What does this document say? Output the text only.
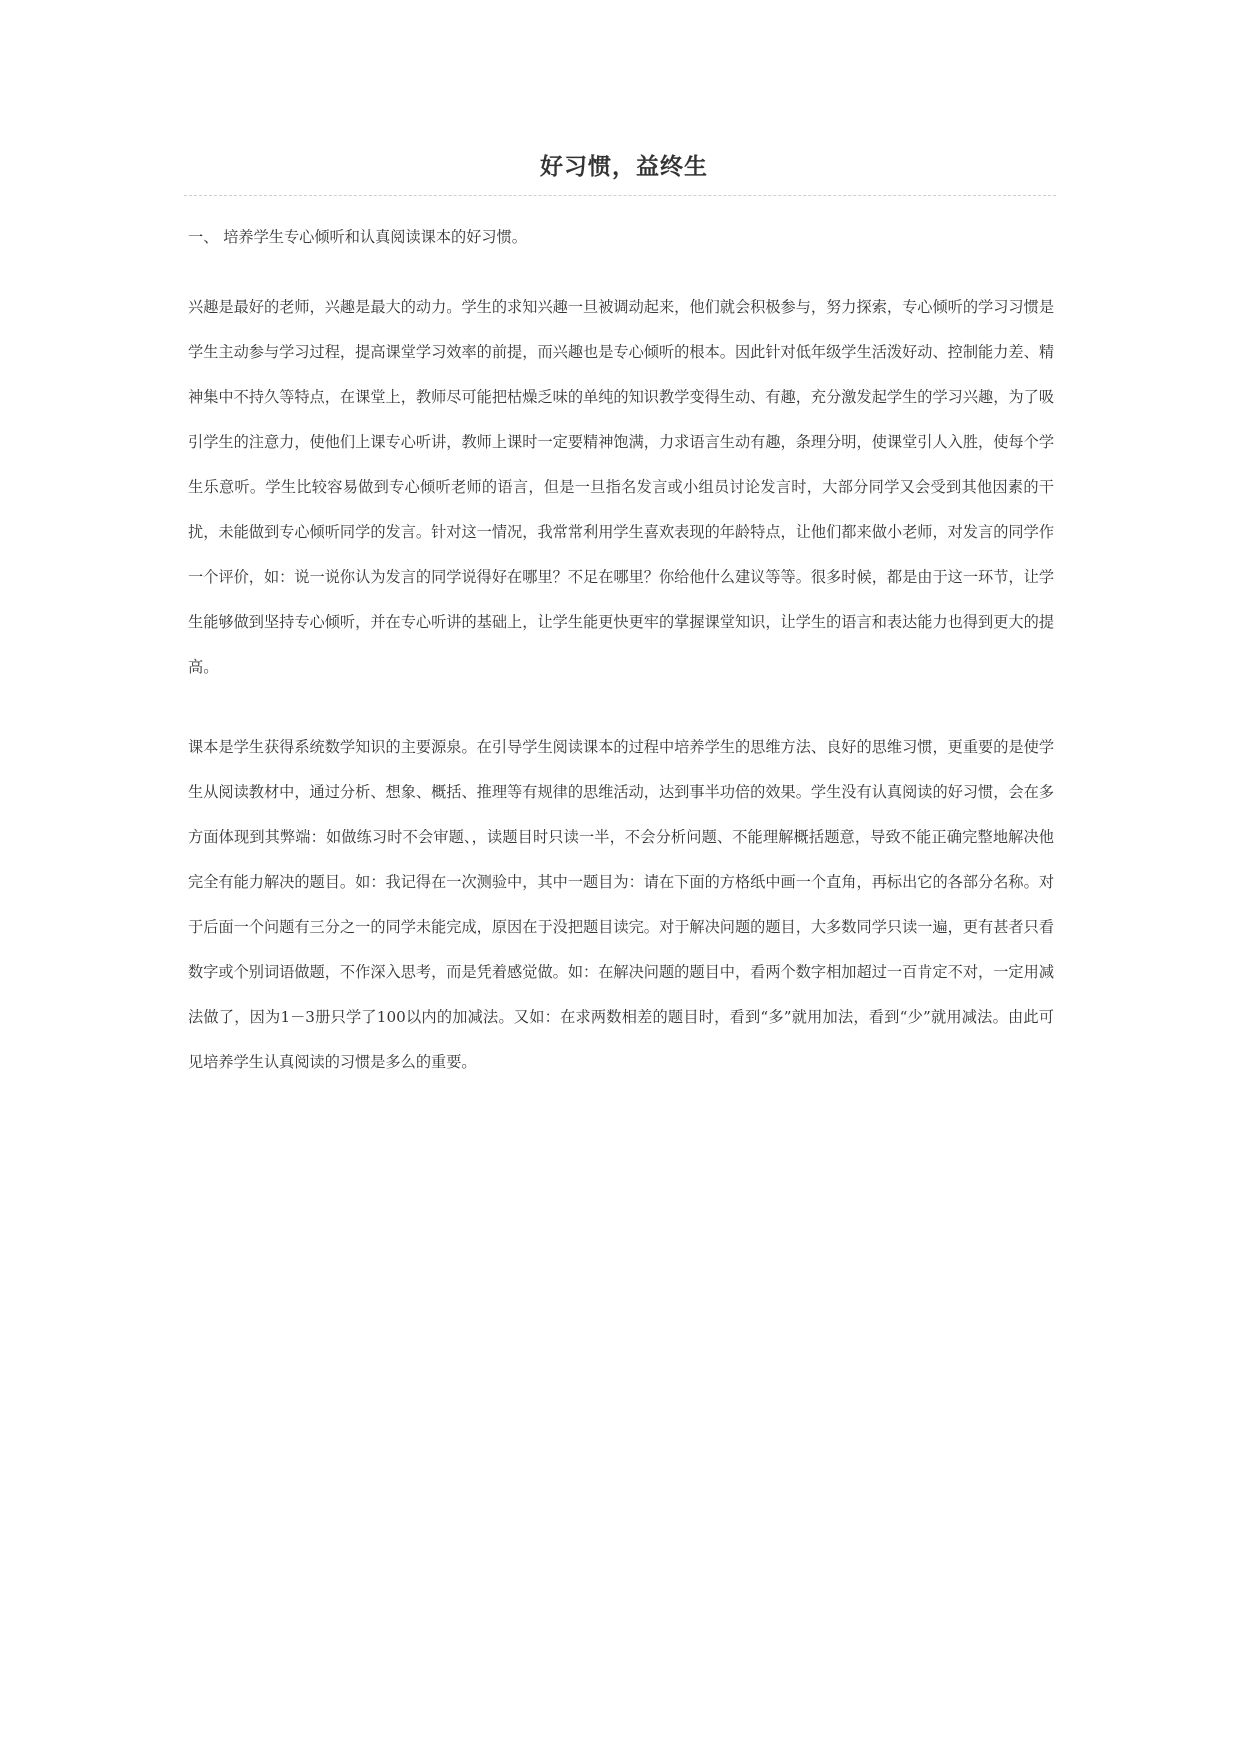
好习惯，益终生

一、 培养学生专心倾听和认真阅读课本的好习惯。

兴趣是最好的老师，兴趣是最大的动力。学生的求知兴趣一旦被调动起来，他们就会积极参与，努力探索，专心倾听的学习习惯是学生主动参与学习过程，提高课堂学习效率的前提，而兴趣也是专心倾听的根本。因此针对低年级学生活泼好动、控制能力差、精神集中不持久等特点，在课堂上，教师尽可能把枯燥乏味的单纯的知识教学变得生动、有趣，充分激发起学生的学习兴趣，为了吸引学生的注意力，使他们上课专心听讲，教师上课时一定要精神饱满，力求语言生动有趣，条理分明，使课堂引人入胜，使每个学生乐意听。学生比较容易做到专心倾听老师的语言，但是一旦指名发言或小组员讨论发言时，大部分同学又会受到其他因素的干扰，未能做到专心倾听同学的发言。针对这一情况，我常常利用学生喜欢表现的年龄特点，让他们都来做小老师，对发言的同学作一个评价，如：说一说你认为发言的同学说得好在哪里？不足在哪里？你给他什么建议等等。很多时候，都是由于这一环节，让学生能够做到坚持专心倾听，并在专心听讲的基础上，让学生能更快更牢的掌握课堂知识，让学生的语言和表达能力也得到更大的提高。

课本是学生获得系统数学知识的主要源泉。在引导学生阅读课本的过程中培养学生的思维方法、良好的思维习惯，更重要的是使学生从阅读教材中，通过分析、想象、概括、推理等有规律的思维活动，达到事半功倍的效果。学生没有认真阅读的好习惯，会在多方面体现到其弊端：如做练习时不会审题、，读题目时只读一半，不会分析问题、不能理解概括题意，导致不能正确完整地解决他完全有能力解决的题目。如：我记得在一次测验中，其中一题目为：请在下面的方格纸中画一个直角，再标出它的各部分名称。对于后面一个问题有三分之一的同学未能完成，原因在于没把题目读完。对于解决问题的题目，大多数同学只读一遍，更有甚者只看数字或个别词语做题，不作深入思考，而是凭着感觉做。如：在解决问题的题目中，看两个数字相加超过一百肯定不对，一定用减法做了，因为1－3册只学了100以内的加减法。又如：在求两数相差的题目时，看到“多”就用加法，看到“少”就用减法。由此可见培养学生认真阅读的习惯是多么的重要。
